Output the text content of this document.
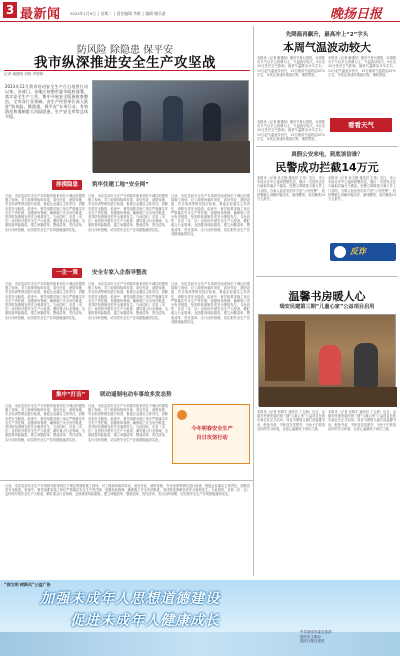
3 最新闻 2024年1月9日 │ 星期二 │ 责任编辑 李群 │ 编辑 谢乐游	晚扬日报
防风险 除隐患 保平安
我市纵深推进安全生产攻坚战
记者 谢建明 刘栋 许婷婷
2023年11月我市启动安全生产百日攻坚行动以来，各部门、各地区按照市委市政府部署，落实安全生产工作，集中开展安全隐患排查整治，全市各行业领域、各生产经营单位深入推进“防风险、除隐患、保平安”专项行动，有效防范和遏制重大风险隐患，生产安全形势总体平稳。
排摸隐患	筑牢住建工地“安全网”
日前，市应急局安全生产专项督导组来到位于城区的建筑施工现场，对工地现场临时用电、高处作业、消防设施、安全培训等情况进行检查，督促企业落实主体责任，消除各类安全隐患。检查中，督导组要求施工单位严格落实安全生产责任制，加强现场管理，确保施工安全有序推进，坚决防范遏制各类安全事故发生。与此同时，各县（市、区）也纷纷开展安全生产大检查，紧盯重点行业领域，全面排查风险隐患，建立问题清单、整改清单、责任清单，实行闭环管理，切实把安全生产各项措施落到实处。
日前，市应急局安全生产专项督导组来到位于城区的建筑施工现场，对工地现场临时用电、高处作业、消防设施、安全培训等情况进行检查，督促企业落实主体责任，消除各类安全隐患。检查中，督导组要求施工单位严格落实安全生产责任制，加强现场管理，确保施工安全有序推进，坚决防范遏制各类安全事故发生。与此同时，各县（市、区）也纷纷开展安全生产大检查，紧盯重点行业领域，全面排查风险隐患，建立问题清单、整改清单、责任清单，实行闭环管理，切实把安全生产各项措施落到实处。
日前，市应急局安全生产专项督导组来到位于城区的建筑施工现场，对工地现场临时用电、高处作业、消防设施、安全培训等情况进行检查，督促企业落实主体责任，消除各类安全隐患。检查中，督导组要求施工单位严格落实安全生产责任制，加强现场管理，确保施工安全有序推进，坚决防范遏制各类安全事故发生。与此同时，各县（市、区）也纷纷开展安全生产大检查，紧盯重点行业领域，全面排查风险隐患，建立问题清单、整改清单、责任清单，实行闭环管理，切实把安全生产各项措施落到实处。
一企一策	安全专家入企指导整改
日前，市应急局安全生产专项督导组来到位于城区的建筑施工现场，对工地现场临时用电、高处作业、消防设施、安全培训等情况进行检查，督促企业落实主体责任，消除各类安全隐患。检查中，督导组要求施工单位严格落实安全生产责任制，加强现场管理，确保施工安全有序推进，坚决防范遏制各类安全事故发生。与此同时，各县（市、区）也纷纷开展安全生产大检查，紧盯重点行业领域，全面排查风险隐患，建立问题清单、整改清单、责任清单，实行闭环管理，切实把安全生产各项措施落到实处。
日前，市应急局安全生产专项督导组来到位于城区的建筑施工现场，对工地现场临时用电、高处作业、消防设施、安全培训等情况进行检查，督促企业落实主体责任，消除各类安全隐患。检查中，督导组要求施工单位严格落实安全生产责任制，加强现场管理，确保施工安全有序推进，坚决防范遏制各类安全事故发生。与此同时，各县（市、区）也纷纷开展安全生产大检查，紧盯重点行业领域，全面排查风险隐患，建立问题清单、整改清单、责任清单，实行闭环管理，切实把安全生产各项措施落到实处。
日前，市应急局安全生产专项督导组来到位于城区的建筑施工现场，对工地现场临时用电、高处作业、消防设施、安全培训等情况进行检查，督促企业落实主体责任，消除各类安全隐患。检查中，督导组要求施工单位严格落实安全生产责任制，加强现场管理，确保施工安全有序推进，坚决防范遏制各类安全事故发生。与此同时，各县（市、区）也纷纷开展安全生产大检查，紧盯重点行业领域，全面排查风险隐患，建立问题清单、整改清单、责任清单，实行闭环管理，切实把安全生产各项措施落到实处。
集中“打击”	联动遥制电动车事故多发态势
日前，市应急局安全生产专项督导组来到位于城区的建筑施工现场，对工地现场临时用电、高处作业、消防设施、安全培训等情况进行检查，督促企业落实主体责任，消除各类安全隐患。检查中，督导组要求施工单位严格落实安全生产责任制，加强现场管理，确保施工安全有序推进，坚决防范遏制各类安全事故发生。与此同时，各县（市、区）也纷纷开展安全生产大检查，紧盯重点行业领域，全面排查风险隐患，建立问题清单、整改清单、责任清单，实行闭环管理，切实把安全生产各项措施落到实处。
日前，市应急局安全生产专项督导组来到位于城区的建筑施工现场，对工地现场临时用电、高处作业、消防设施、安全培训等情况进行检查，督促企业落实主体责任，消除各类安全隐患。检查中，督导组要求施工单位严格落实安全生产责任制，加强现场管理，确保施工安全有序推进，坚决防范遏制各类安全事故发生。与此同时，各县（市、区）也纷纷开展安全生产大检查，紧盯重点行业领域，全面排查风险隐患，建立问题清单、整改清单、责任清单，实行闭环管理，切实把安全生产各项措施落到实处。
今冬明春安全生产
百日攻坚行动
先降温再飙升，最高冲上“2”字头
本周气温波动较大
本报讯（记者 谢建明）据市气象台预报，本周我市天气以多云到晴为主，气温波动较大。9日至10日受冷空气影响，最低气温降至-5℃左右；11日起气温逐步回升，13日最高气温将达20℃左右，市民注意适时增减衣物，谨防感冒。
本报讯（记者 谢建明）据市气象台预报，本周我市天气以多云到晴为主，气温波动较大。9日至10日受冷空气影响，最低气温降至-5℃左右；11日起气温逐步回升，13日最高气温将达20℃左右，市民注意适时增减衣物，谨防感冒。
看看天气
本报讯（记者 谢建明）据市气象台预报，本周我市天气以多云到晴为主，气温波动较大。9日至10日受冷空气影响，最低气温降至-5℃左右；11日起气温逐步回升，13日最高气温将达20℃左右，市民注意适时增减衣物，谨防感冒。
真假公安来电，到底该信谁？
民警成功拦截14万元
本报讯（记者 孙文静 通讯员 王伟）近日，市公安局反诈中心接到预警信息，辖区一名居民正在与疑似诈骗分子通话。民警立即联系当事人并上门劝阻，当事人起初坚信对方是“公安民警”，经民警耐心讲解诈骗手法，最终醒悟，成功避免14万元损失。
本报讯（记者 孙文静 通讯员 王伟）近日，市公安局反诈中心接到预警信息，辖区一名居民正在与疑似诈骗分子通话。民警立即联系当事人并上门劝阻，当事人起初坚信对方是“公安民警”，经民警耐心讲解诈骗手法，最终醒悟，成功避免14万元损失。
反诈
温馨书房暖人心
瑞安民建第三期“儿童心家”公益项目启用
本报讯（记者 邓明宇 通讯员 丁志燕）近日，由瑞安民建发起的第三期“儿童心家”公益项目在我市某社区正式启用。项目为困境儿童打造温馨书房，配备书桌、书柜及各类图书，为孩子们营造良好的学习环境，让爱心温暖孩子成长之路。
本报讯（记者 邓明宇 通讯员 丁志燕）近日，由瑞安民建发起的第三期“儿童心家”公益项目在我市某社区正式启用。项目为困境儿童打造温馨书房，配备书桌、书柜及各类图书，为孩子们营造良好的学习环境，让爱心温暖孩子成长之路。
日前，市应急局安全生产专项督导组来到位于城区的建筑施工现场，对工地现场临时用电、高处作业、消防设施、安全培训等情况进行检查，督促企业落实主体责任，消除各类安全隐患。检查中，督导组要求施工单位严格落实安全生产责任制，加强现场管理，确保施工安全有序推进，坚决防范遏制各类安全事故发生。与此同时，各县（市、区）也纷纷开展安全生产大检查，紧盯重点行业领域，全面排查风险隐患，建立问题清单、整改清单、责任清单，实行闭环管理，切实把安全生产各项措施落到实处。
“阅文明 树新风”公益广告
加强未成年人思想道德建设
促进未成年人健康成长
中共瑞安市委宣传部
瑞安市文明办
瑞安日报社宣传
